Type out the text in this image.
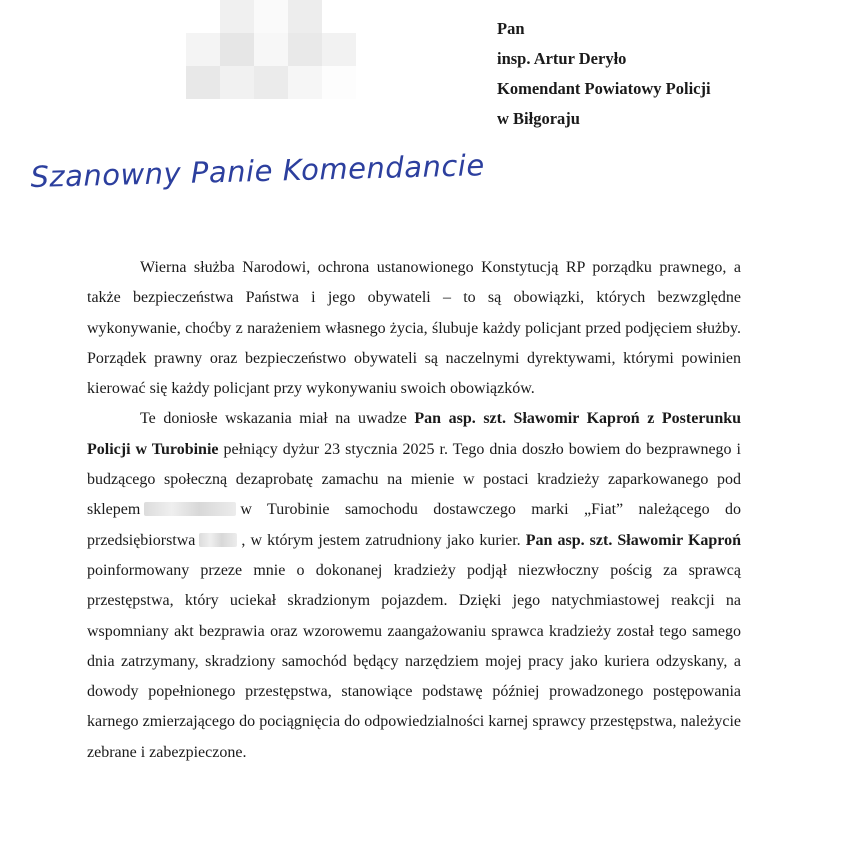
Pan
insp. Artur Deryło
Komendant Powiatowy Policji
w Biłgoraju
Szanowny Panie Komendancie

Wierna służba Narodowi, ochrona ustanowionego Konstytucją RP porządku prawnego, a także bezpieczeństwa Państwa i jego obywateli – to są obowiązki, których bezwzględne wykonywanie, choćby z narażeniem własnego życia, ślubuje każdy policjant przed podjęciem służby. Porządek prawny oraz bezpieczeństwo obywateli są naczelnymi dyrektywami, którymi powinien kierować się każdy policjant przy wykonywaniu swoich obowiązków.

Te doniosłe wskazania miał na uwadze Pan asp. szt. Sławomir Kaproń z Posterunku Policji w Turobinie pełniący dyżur 23 stycznia 2025 r. Tego dnia doszło bowiem do bezprawnego i budzącego społeczną dezaprobatę zamachu na mienie w postaci kradzieży zaparkowanego pod sklepem	w Turobinie samochodu dostawczego marki „Fiat” należącego do przedsiębiorstwa	, w którym jestem zatrudniony jako kurier. Pan asp. szt. Sławomir Kaproń poinformowany przeze mnie o dokonanej kradzieży podjął niezwłoczny pościg za sprawcą przestępstwa, który uciekał skradzionym pojazdem. Dzięki jego natychmiastowej reakcji na wspomniany akt bezprawia oraz wzorowemu zaangażowaniu sprawca kradzieży został tego samego dnia zatrzymany, skradziony samochód będący narzędziem mojej pracy jako kuriera odzyskany, a dowody popełnionego przestępstwa, stanowiące podstawę później prowadzonego postępowania karnego zmierzającego do pociągnięcia do odpowiedzialności karnej sprawcy przestępstwa, należycie zebrane i zabezpieczone.
